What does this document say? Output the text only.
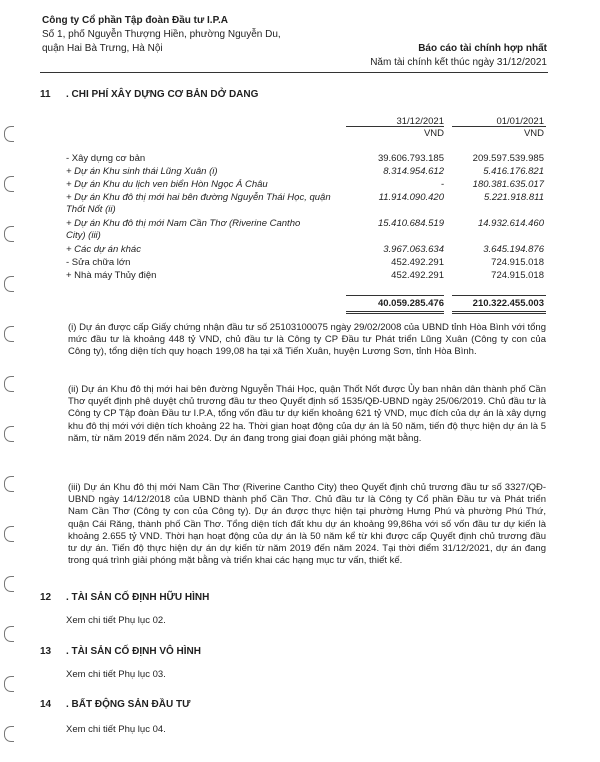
Công ty Cổ phần Tập đoàn Đầu tư I.P.A
Số 1, phố Nguyễn Thượng Hiền, phường Nguyễn Du,
quận Hai Bà Trưng, Hà Nội	Báo cáo tài chính hợp nhất
Năm tài chính kết thúc ngày 31/12/2021
11 . CHI PHÍ XÂY DỰNG CƠ BẢN DỞ DANG
31/12/2021	01/01/2021
VND	VND
- Xây dựng cơ bản	39.606.793.185	209.597.539.985
+ Dự án Khu sinh thái Lũng Xuân (i)	8.314.954.612	5.416.176.821
+ Dự án Khu du lịch ven biển Hòn Ngọc Á Châu	-	180.381.635.017
+ Dự án Khu đô thị mới hai bên đường Nguyễn Thái Học, quận Thốt Nốt (ii)
11.914.090.420	5.221.918.811
+ Dự án Khu đô thị mới Nam Cần Thơ (Riverine Cantho City) (iii)
15.410.684.519	14.932.614.460
+ Các dự án khác	3.967.063.634	3.645.194.876
- Sửa chữa lớn	452.492.291	724.915.018
+ Nhà máy Thủy điện	452.492.291	724.915.018
40.059.285.476	210.322.455.003
(i) Dự án được cấp Giấy chứng nhận đầu tư số 25103100075 ngày 29/02/2008 của UBND tỉnh Hòa Bình với tổng mức đầu tư là khoảng 448 tỷ VND, chủ đầu tư là Công ty CP Đầu tư Phát triển Lũng Xuân (Công ty con của Công ty), tổng diện tích quy hoạch 199,08 ha tại xã Tiến Xuân, huyện Lương Sơn, tỉnh Hòa Bình.
(ii) Dự án Khu đô thị mới hai bên đường Nguyễn Thái Học, quận Thốt Nốt được Ủy ban nhân dân thành phố Cần Thơ quyết định phê duyệt chủ trương đầu tư theo Quyết định số 1535/QĐ-UBND ngày 25/06/2019. Chủ đầu tư là Công ty CP Tập đoàn Đầu tư I.P.A, tổng vốn đầu tư dự kiến khoảng 621 tỷ VND, mục đích của dự án là xây dựng khu đô thị mới với diện tích khoảng 22 ha. Thời gian hoạt động của dự án là 50 năm, tiến độ thực hiện dự án là 5 năm, từ năm 2019 đến năm 2024. Dự án đang trong giai đoạn giải phóng mặt bằng.
(iii) Dự án Khu đô thị mới Nam Cần Thơ (Riverine Cantho City) theo Quyết định chủ trương đầu tư số 3327/QĐ-UBND ngày 14/12/2018 của UBND thành phố Cần Thơ. Chủ đầu tư là Công ty Cổ phần Đầu tư và Phát triển Nam Cần Thơ (Công ty con của Công ty). Dự án được thực hiện tại phường Hưng Phú và phường Phú Thứ, quận Cái Răng, thành phố Cần Thơ. Tổng diện tích đất khu dự án khoảng 99,86ha với số vốn đầu tư dự kiến là khoảng 2.655 tỷ VND. Thời hạn hoạt động của dự án là 50 năm kể từ khi được cấp Quyết định chủ trương đầu tư dự án. Tiến độ thực hiện dự án dự kiến từ năm 2019 đến năm 2024. Tại thời điểm 31/12/2021, dự án đang trong quá trình giải phóng mặt bằng và triển khai các hạng mục tư vấn, thiết kế.
12 . TÀI SẢN CỐ ĐỊNH HỮU HÌNH
Xem chi tiết Phụ lục 02.
13 . TÀI SẢN CỐ ĐỊNH VÔ HÌNH
Xem chi tiết Phụ lục 03.
14 . BẤT ĐỘNG SẢN ĐẦU TƯ
Xem chi tiết Phụ lục 04.
